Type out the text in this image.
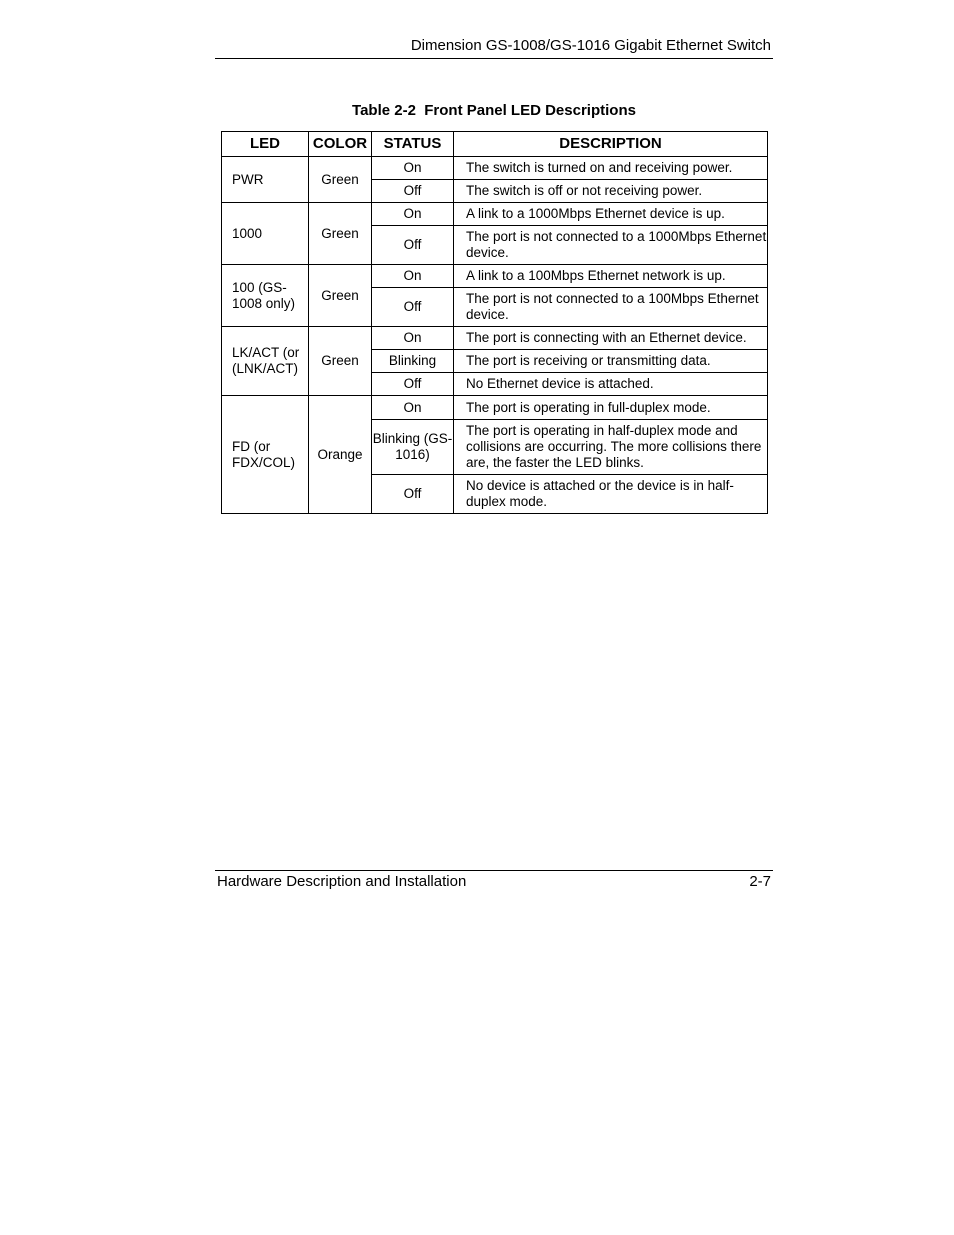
Dimension GS-1008/GS-1016 Gigabit Ethernet Switch
Table 2-2  Front Panel LED Descriptions
LED	COLOR	STATUS	DESCRIPTION
PWR	Green	On	The switch is turned on and receiving power.
		Off	The switch is off or not receiving power.
1000	Green	On	A link to a 1000Mbps Ethernet device is up.
		Off	The port is not connected to a 1000Mbps Ethernet device.
100 (GS-1008 only)	Green	On	A link to a 100Mbps Ethernet network is up.
		Off	The port is not connected to a 100Mbps Ethernet device.
LK/ACT (or (LNK/ACT)	Green	On	The port is connecting with an Ethernet device.
		Blinking	The port is receiving or transmitting data.
		Off	No Ethernet device is attached.
FD (or FDX/COL)	Orange	On	The port is operating in full-duplex mode.
		Blinking (GS-1016)	The port is operating in half-duplex mode and collisions are occurring. The more collisions there are, the faster the LED blinks.
		Off	No device is attached or the device is in half-duplex mode.
Hardware Description and Installation	2-7
